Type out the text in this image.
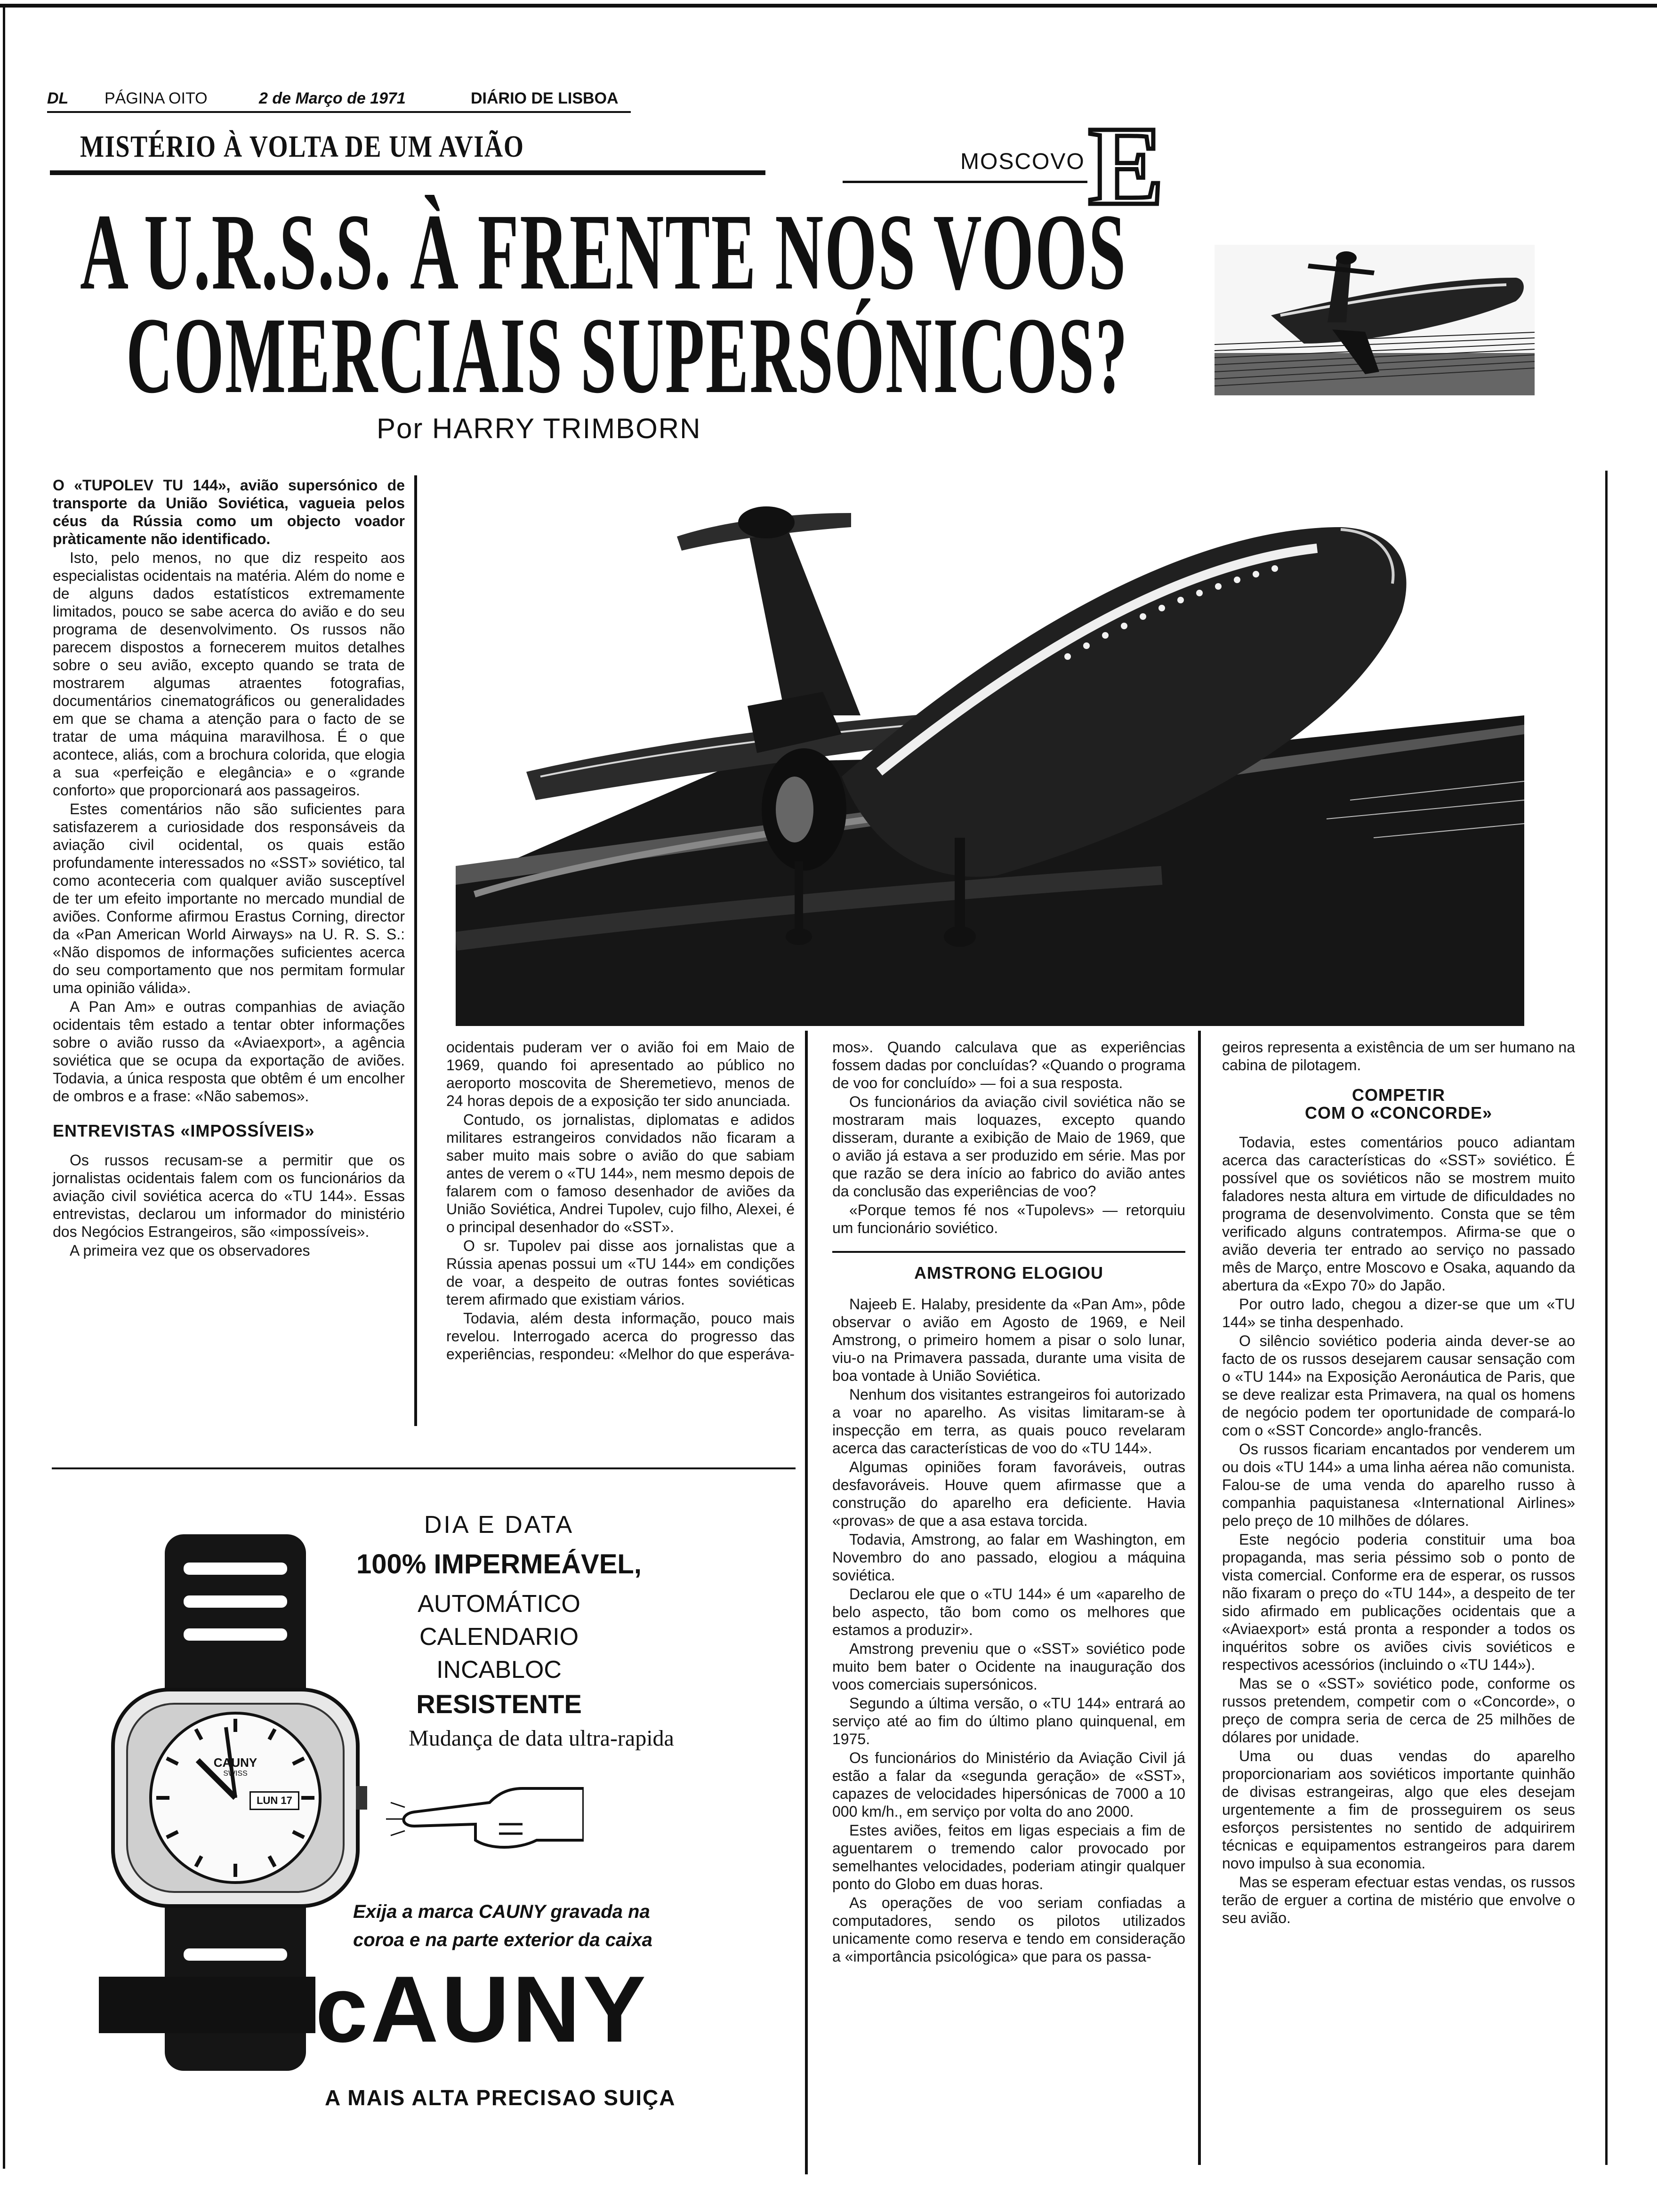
DL PÁGINA OITO	2 de Março de 1971	DIÁRIO DE LISBOA
MISTÉRIO À VOLTA DE UM AVIÃO	MOSCOVO E
A U.R.S.S. À FRENTE NOS VOOS
COMERCIAIS SUPERSÓNICOS?
Por HARRY TRIMBORN

O «TUPOLEV TU 144», avião supersónico de transporte da União Soviética, vagueia pelos céus da Rússia como um objecto voador pràticamente não identificado.

Isto, pelo menos, no que diz respeito aos especialistas ocidentais na matéria. Além do nome e de alguns dados estatísticos extremamente limitados, pouco se sabe acerca do avião e do seu programa de desenvolvimento. Os russos não parecem dispostos a fornecerem muitos detalhes sobre o seu avião, excepto quando se trata de mostrarem algumas atraentes fotografias, documentários cinematográficos ou generalidades em que se chama a atenção para o facto de se tratar de uma máquina maravilhosa. É o que acontece, aliás, com a brochura colorida, que elogia a sua «perfeição e elegância» e o «grande conforto» que proporcionará aos passageiros.

Estes comentários não são suficientes para satisfazerem a curiosidade dos responsáveis da aviação civil ocidental, os quais estão profundamente interessados no «SST» soviético, tal como aconteceria com qualquer avião susceptível de ter um efeito importante no mercado mundial de aviões. Conforme afirmou Erastus Corning, director da «Pan American World Airways» na U. R. S. S.: «Não dispomos de informações suficientes acerca do seu comportamento que nos permitam formular uma opinião válida».

A Pan Am» e outras companhias de aviação ocidentais têm estado a tentar obter informações sobre o avião russo da «Aviaexport», a agência soviética que se ocupa da exportação de aviões. Todavia, a única resposta que obtêm é um encolher de ombros e a frase: «Não sabemos».

ENTREVISTAS «IMPOSSÍVEIS»

Os russos recusam-se a permitir que os jornalistas ocidentais falem com os funcionários da aviação civil soviética acerca do «TU 144». Essas entrevistas, declarou um informador do ministério dos Negócios Estrangeiros, são «impossíveis».

A primeira vez que os observadores

ocidentais puderam ver o avião foi em Maio de 1969, quando foi apresentado ao público no aeroporto moscovita de Sheremetievo, menos de 24 horas depois de a exposição ter sido anunciada.

Contudo, os jornalistas, diplomatas e adidos militares estrangeiros convidados não ficaram a saber muito mais sobre o avião do que sabiam antes de verem o «TU 144», nem mesmo depois de falarem com o famoso desenhador de aviões da União Soviética, Andrei Tupolev, cujo filho, Alexei, é o principal desenhador do «SST».

O sr. Tupolev pai disse aos jornalistas que a Rússia apenas possui um «TU 144» em condições de voar, a despeito de outras fontes soviéticas terem afirmado que existiam vários.

Todavia, além desta informação, pouco mais revelou. Interrogado acerca do progresso das experiências, respondeu: «Melhor do que esperáva-

mos». Quando calculava que as experiências fossem dadas por concluídas? «Quando o programa de voo for concluído» — foi a sua resposta.

Os funcionários da aviação civil soviética não se mostraram mais loquazes, excepto quando disseram, durante a exibição de Maio de 1969, que o avião já estava a ser produzido em série. Mas por que razão se dera início ao fabrico do avião antes da conclusão das experiências de voo?

«Porque temos fé nos «Tupolevs» — retorquiu um funcionário soviético.

AMSTRONG ELOGIOU

Najeeb E. Halaby, presidente da «Pan Am», pôde observar o avião em Agosto de 1969, e Neil Amstrong, o primeiro homem a pisar o solo lunar, viu-o na Primavera passada, durante uma visita de boa vontade à União Soviética.

Nenhum dos visitantes estrangeiros foi autorizado a voar no aparelho. As visitas limitaram-se à inspecção em terra, as quais pouco revelaram acerca das características de voo do «TU 144».

Algumas opiniões foram favoráveis, outras desfavoráveis. Houve quem afirmasse que a construção do aparelho era deficiente. Havia «provas» de que a asa estava torcida.

Todavia, Amstrong, ao falar em Washington, em Novembro do ano passado, elogiou a máquina soviética.

Declarou ele que o «TU 144» é um «aparelho de belo aspecto, tão bom como os melhores que estamos a produzir».

Amstrong preveniu que o «SST» soviético pode muito bem bater o Ocidente na inauguração dos voos comerciais supersónicos.

Segundo a última versão, o «TU 144» entrará ao serviço até ao fim do último plano quinquenal, em 1975.

Os funcionários do Ministério da Aviação Civil já estão a falar da «segunda geração» de «SST», capazes de velocidades hipersónicas de 7000 a 10 000 km/h., em serviço por volta do ano 2000.

Estes aviões, feitos em ligas especiais a fim de aguentarem o tremendo calor provocado por semelhantes velocidades, poderiam atingir qualquer ponto do Globo em duas horas.

As operações de voo seriam confiadas a computadores, sendo os pilotos utilizados unicamente como reserva e tendo em consideração a «importância psicológica» que para os passa-

geiros representa a existência de um ser humano na cabina de pilotagem.

COMPETIR
COM O «CONCORDE»

Todavia, estes comentários pouco adiantam acerca das características do «SST» soviético. É possível que os soviéticos não se mostrem muito faladores nesta altura em virtude de dificuldades no programa de desenvolvimento. Consta que se têm verificado alguns contratempos. Afirma-se que o avião deveria ter entrado ao serviço no passado mês de Março, entre Moscovo e Osaka, aquando da abertura da «Expo 70» do Japão.

Por outro lado, chegou a dizer-se que um «TU 144» se tinha despenhado.

O silêncio soviético poderia ainda dever-se ao facto de os russos desejarem causar sensação com o «TU 144» na Exposição Aeronáutica de Paris, que se deve realizar esta Primavera, na qual os homens de negócio podem ter oportunidade de compará-lo com o «SST Concorde» anglo-francês.

Os russos ficariam encantados por venderem um ou dois «TU 144» a uma linha aérea não comunista. Falou-se de uma venda do aparelho russo à companhia paquistanesa «International Airlines» pelo preço de 10 milhões de dólares.

Este negócio poderia constituir uma boa propaganda, mas seria péssimo sob o ponto de vista comercial. Conforme era de esperar, os russos não fixaram o preço do «TU 144», a despeito de ter sido afirmado em publicações ocidentais que a «Aviaexport» está pronta a responder a todos os inquéritos sobre os aviões civis soviéticos e respectivos acessórios (incluindo o «TU 144»).

Mas se o «SST» soviético pode, conforme os russos pretendem, competir com o «Concorde», o preço de compra seria de cerca de 25 milhões de dólares por unidade.

Uma ou duas vendas do aparelho proporcionariam aos soviéticos importante quinhão de divisas estrangeiras, algo que eles desejam urgentemente a fim de prosseguirem os seus esforços persistentes no sentido de adquirirem técnicas e equipamentos estrangeiros para darem novo impulso à sua economia.

Mas se esperam efectuar estas vendas, os russos terão de erguer a cortina de mistério que envolve o seu avião.

DIA E DATA
100% IMPERMEÁVEL,
AUTOMÁTICO
CALENDARIO
INCABLOC
RESISTENTE
Mudança de data ultra-rapida
CAUNY
SWISS
LUN 17
Exija a marca CAUNY gravada na
coroa e na parte exterior da caixa
cAUNY
A MAIS ALTA PRECISAO SUIÇA
